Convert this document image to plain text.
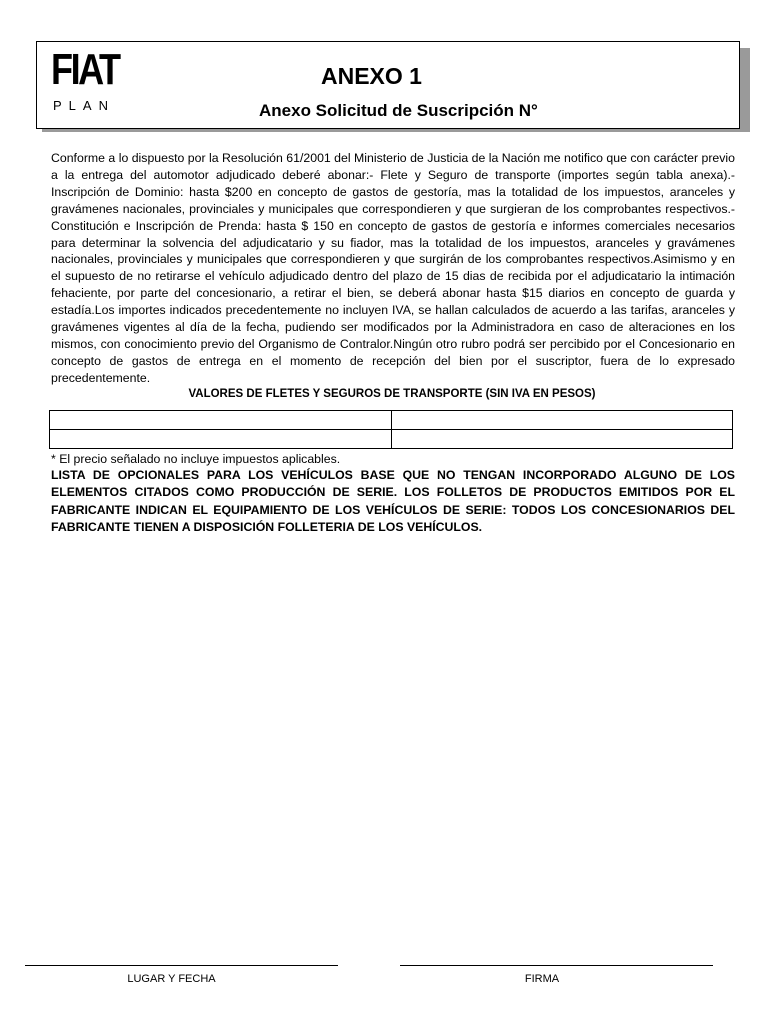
FIAT
PLAN
ANEXO 1
Anexo Solicitud de Suscripción N°
Conforme a lo dispuesto por la Resolución 61/2001 del Ministerio de Justicia de la Nación me notifico que con carácter previo a la entrega del automotor adjudicado deberé abonar:- Flete y Seguro de transporte (importes según tabla anexa).- Inscripción de Dominio: hasta $200 en concepto de gastos de gestoría, mas la totalidad de los impuestos, aranceles y gravámenes nacionales, provinciales y municipales que correspondieren y que surgieran de los comprobantes respectivos.- Constitución e Inscripción de Prenda: hasta $ 150 en concepto de gastos de gestoría e informes comerciales necesarios para determinar la solvencia del adjudicatario y su fiador, mas la totalidad de los impuestos, aranceles y gravámenes nacionales, provinciales y municipales que correspondieren y que surgirán de los comprobantes respectivos.Asimismo y en el supuesto de no retirarse el vehículo adjudicado dentro del plazo de 15 dias de recibida por el adjudicatario la intimación fehaciente, por parte del concesionario, a retirar el bien, se deberá abonar hasta $15 diarios en concepto de guarda y estadía.Los importes indicados precedentemente no incluyen IVA, se hallan calculados de acuerdo a las tarifas, aranceles y gravámenes vigentes al día de la fecha, pudiendo ser modificados por la Administradora en caso de alteraciones en los mismos, con conocimiento previo del Organismo de Contralor.Ningún otro rubro podrá ser percibido por el Concesionario en concepto de gastos de entrega en el momento de recepción del bien por el suscriptor, fuera de lo expresado precedentemente.
VALORES DE FLETES Y SEGUROS DE TRANSPORTE (SIN IVA EN PESOS)

* El precio señalado no incluye impuestos aplicables.
LISTA DE OPCIONALES PARA LOS VEHÍCULOS BASE QUE NO TENGAN INCORPORADO ALGUNO DE LOS ELEMENTOS CITADOS COMO PRODUCCIÓN DE SERIE. LOS FOLLETOS DE PRODUCTOS EMITIDOS POR EL FABRICANTE INDICAN EL EQUIPAMIENTO DE LOS VEHÍCULOS DE SERIE: TODOS LOS CONCESIONARIOS DEL FABRICANTE TIENEN A DISPOSICIÓN FOLLETERIA DE LOS VEHÍCULOS.
LUGAR Y FECHA	FIRMA
